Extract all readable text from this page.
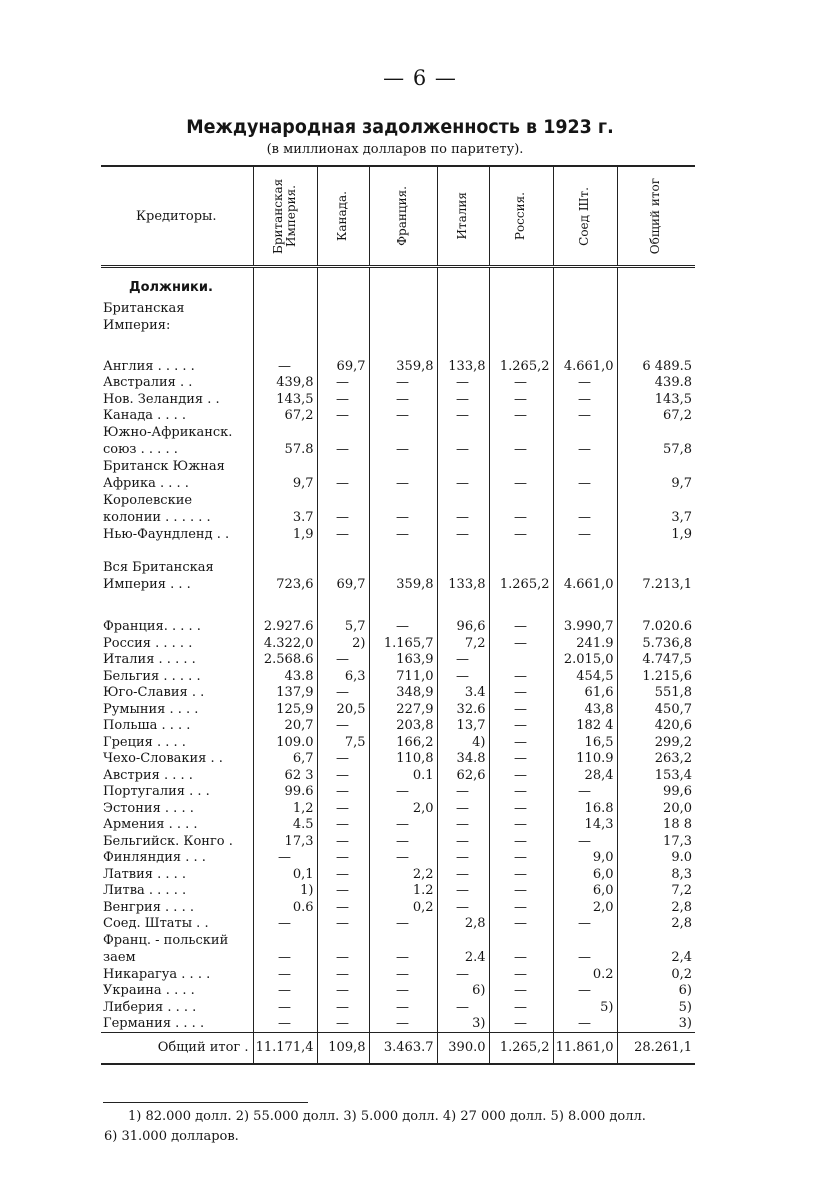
— 6 —
Международная задолженность в 1923 г.
(в миллионах долларов по паритету).
Кредиторы.	Британская Империя.	Канада.	Франция.	Италия	Россия.	Соед Шт.	Общий итог

Должники.							
Британская Империя:							

Англия . . . . .	—	69,7	359,8	133,8	1.265,2	4.661,0	6 489.5
Австралия . .	439,8	—	—	—	—	—	439.8
Нов. Зеландия . .	143,5	—	—	—	—	—	143,5
Канада . . . .	67,2	—	—	—	—	—	67,2
Южно-Африканск. союз . . . . .	57.8	—	—	—	—	—	57,8
Британск Южная Африка . . . .	9,7	—	—	—	—	—	9,7
Королевские колонии . . . . . .	3.7	—	—	—	—	—	3,7
Нью-Фаундленд . .	1,9	—	—	—	—	—	1,9

Вся Британская Империя . . .	723,6	69,7	359,8	133,8	1.265,2	4.661,0	7.213,1

Франция. . . . .	2.927.6	5,7	—	96,6	—	3.990,7	7.020.6
Россия . . . . .	4.322,0	2)	1.165,7	7,2	—	241.9	5.736,8
Италия . . . . .	2.568.6	—	163,9	—		2.015,0	4.747,5
Бельгия . . . . .	43.8	6,3	711,0	—	—	454,5	1.215,6
Юго-Славия . .	137,9	—	348,9	3.4	—	61,6	551,8
Румыния . . . .	125,9	20,5	227,9	32.6	—	43,8	450,7
Польша . . . .	20,7	—	203,8	13,7	—	182 4	420,6
Греция . . . .	109.0	7,5	166,2	4)	—	16,5	299,2
Чехо-Словакия . .	6,7	—	110,8	34.8	—	110.9	263,2
Австрия . . . .	62 3	—	0.1	62,6	—	28,4	153,4
Португалия . . .	99.6	—	—	—	—	—	99,6
Эстония . . . .	1,2	—	2,0	—	—	16.8	20,0
Армения . . . .	4.5	—	—	—	—	14,3	18 8
Бельгийск. Конго .	17,3	—	—	—	—	—	17,3
Финляндия . . .	—	—	—	—	—	9,0	9.0
Латвия . . . .	0,1	—	2,2	—	—	6,0	8,3
Литва . . . . .	1)	—	1.2	—	—	6,0	7,2
Венгрия . . . .	0.6	—	0,2	—	—	2,0	2,8
Соед. Штаты . .	—	—	—	2,8	—	—	2,8
Франц. - польский заем	—	—	—	2.4	—	—	2,4
Никарагуа . . . .	—	—	—	—	—	0.2	0,2
Украина . . . .	—	—	—	6)	—	—	6)
Либерия . . . .	—	—	—	—	—	5)	5)
Германия . . . .	—	—	—	3)	—	—	3)
Общий итог .	11.171,4	109,8	3.463.7	390.0	1.265,2	11.861,0	28.261,1
1) 82.000 долл. 2) 55.000 долл. 3) 5.000 долл. 4) 27 000 долл. 5) 8.000 долл.
6) 31.000 долларов.
